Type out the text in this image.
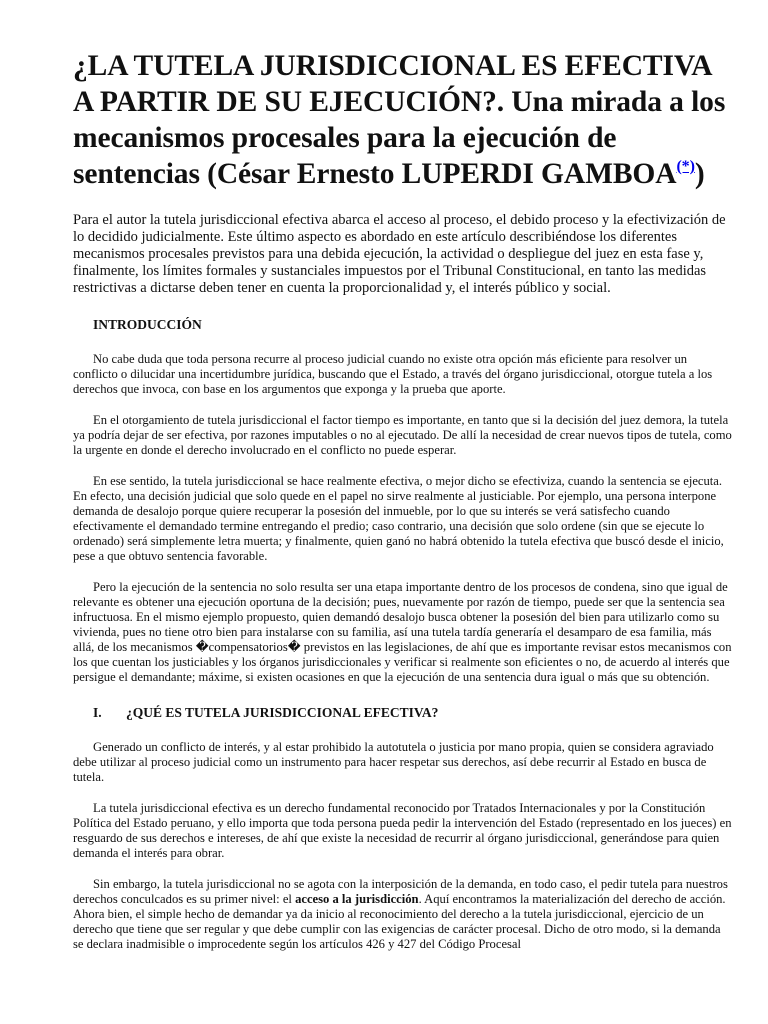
¿LA TUTELA JURISDICCIONAL ES EFECTIVA A PARTIR DE SU EJECUCIÓN?. Una mirada a los mecanismos procesales para la ejecución de sentencias (César Ernesto LUPERDI GAMBOA(*))

Para el autor la tutela jurisdiccional efectiva abarca el acceso al proceso, el debido proceso y la efectivización de lo decidido judicialmente. Este último aspecto es abordado en este artículo describiéndose los diferentes mecanismos procesales previstos para una debida ejecución, la actividad o despliegue del juez en esta fase y, finalmente, los límites formales y sustanciales impuestos por el Tribunal Constitucional, en tanto las medidas restrictivas a dictarse deben tener en cuenta la proporcionalidad y, el interés público y social.

INTRODUCCIÓN

No cabe duda que toda persona recurre al proceso judicial cuando no existe otra opción más eficiente para resolver un conflicto o dilucidar una incertidumbre jurídica, buscando que el Estado, a través del órgano jurisdiccional, otorgue tutela a los derechos que invoca, con base en los argumentos que exponga y la prueba que aporte.

En el otorgamiento de tutela jurisdiccional el factor tiempo es importante, en tanto que si la decisión del juez demora, la tutela ya podría dejar de ser efectiva, por razones imputables o no al ejecutado. De allí la necesidad de crear nuevos tipos de tutela, como la urgente en donde el derecho involucrado en el conflicto no puede esperar.

En ese sentido, la tutela jurisdiccional se hace realmente efectiva, o mejor dicho se efectiviza, cuando la sentencia se ejecuta. En efecto, una decisión judicial que solo quede en el papel no sirve realmente al justiciable. Por ejemplo, una persona interpone demanda de desalojo porque quiere recuperar la posesión del inmueble, por lo que su interés se verá satisfecho cuando efectivamente el demandado termine entregando el predio; caso contrario, una decisión que solo ordene (sin que se ejecute lo ordenado) será simplemente letra muerta; y finalmente, quien ganó no habrá obtenido la tutela efectiva que buscó desde el inicio, pese a que obtuvo sentencia favorable.

Pero la ejecución de la sentencia no solo resulta ser una etapa importante dentro de los procesos de condena, sino que igual de relevante es obtener una ejecución oportuna de la decisión; pues, nuevamente por razón de tiempo, puede ser que la sentencia sea infructuosa. En el mismo ejemplo propuesto, quien demandó desalojo busca obtener la posesión del bien para utilizarlo como su vivienda, pues no tiene otro bien para instalarse con su familia, así una tutela tardía generaría el desamparo de esa familia, más allá, de los mecanismos �compensatorios� previstos en las legislaciones, de ahí que es importante revisar estos mecanismos con los que cuentan los justiciables y los órganos jurisdiccionales y verificar si realmente son eficientes o no, de acuerdo al interés que persigue el demandante; máxime, si existen ocasiones en que la ejecución de una sentencia dura igual o más que su obtención.

I. ¿QUÉ ES TUTELA JURISDICCIONAL EFECTIVA?

Generado un conflicto de interés, y al estar prohibido la autotutela o justicia por mano propia, quien se considera agraviado debe utilizar al proceso judicial como un instrumento para hacer respetar sus derechos, así debe recurrir al Estado en busca de tutela.

La tutela jurisdiccional efectiva es un derecho fundamental reconocido por Tratados Internacionales y por la Constitución Política del Estado peruano, y ello importa que toda persona pueda pedir la intervención del Estado (representado en los jueces) en resguardo de sus derechos e intereses, de ahí que existe la necesidad de recurrir al órgano jurisdiccional, generándose para quien demanda el interés para obrar.

Sin embargo, la tutela jurisdiccional no se agota con la interposición de la demanda, en todo caso, el pedir tutela para nuestros derechos conculcados es su primer nivel: el acceso a la jurisdicción. Aquí encontramos la materialización del derecho de acción. Ahora bien, el simple hecho de demandar ya da inicio al reconocimiento del derecho a la tutela jurisdiccional, ejercicio de un derecho que tiene que ser regular y que debe cumplir con las exigencias de carácter procesal. Dicho de otro modo, si la demanda se declara inadmisible o improcedente según los artículos 426 y 427 del Código Procesal
